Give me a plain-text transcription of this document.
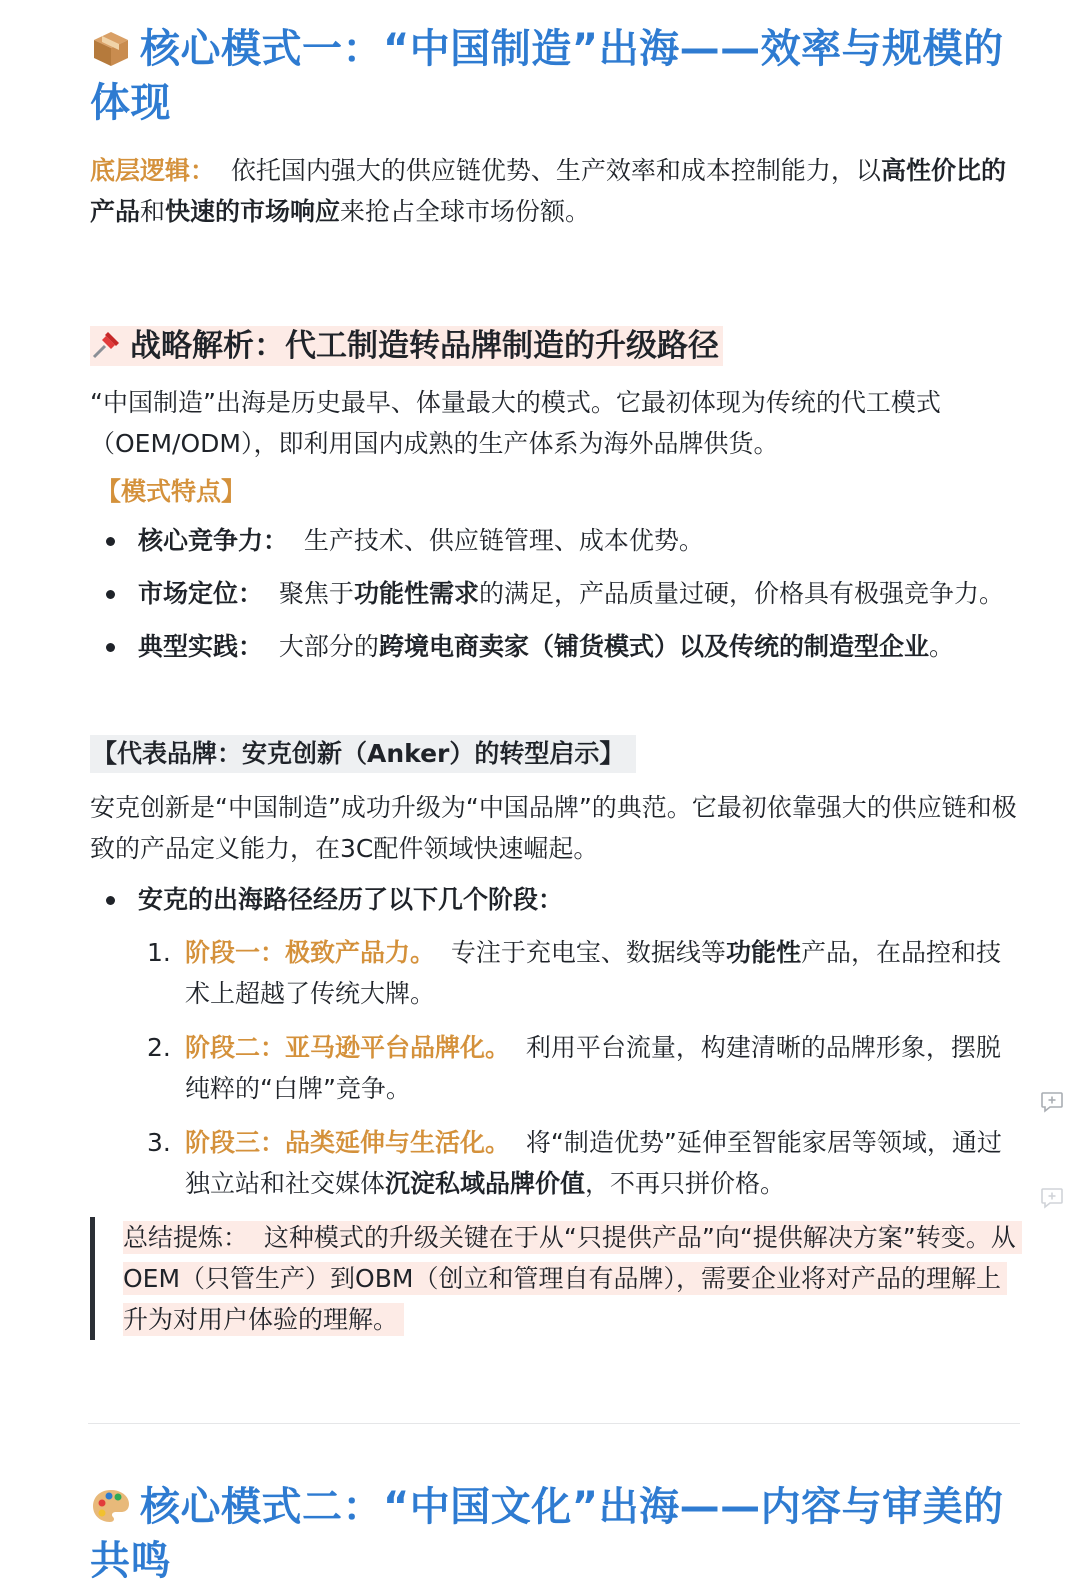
核心模式一：“中国制造”出海——效率与规模的体现

底层逻辑： 依托国内强大的供应链优势、生产效率和成本控制能力，以高性价比的产品和快速的市场响应来抢占全球市场份额。

战略解析：代工制造转品牌制造的升级路径

“中国制造”出海是历史最早、体量最大的模式。它最初体现为传统的代工模式（OEM/ODM），即利用国内成熟的生产体系为海外品牌供货。

【模式特点】
核心竞争力： 生产技术、供应链管理、成本优势。
市场定位： 聚焦于功能性需求的满足，产品质量过硬，价格具有极强竞争力。
典型实践： 大部分的跨境电商卖家（铺货模式）以及传统的制造型企业。
【代表品牌：安克创新（Anker）的转型启示】

安克创新是“中国制造”成功升级为“中国品牌”的典范。它最初依靠强大的供应链和极致的产品定义能力，在3C配件领域快速崛起。

安克的出海路径经历了以下几个阶段：
1. 阶段一：极致产品力。 专注于充电宝、数据线等功能性产品，在品控和技术上超越了传统大牌。
2. 阶段二：亚马逊平台品牌化。 利用平台流量，构建清晰的品牌形象，摆脱纯粹的“白牌”竞争。
3. 阶段三：品类延伸与生活化。 将“制造优势”延伸至智能家居等领域，通过独立站和社交媒体沉淀私域品牌价值，不再只拼价格。
总结提炼： 这种模式的升级关键在于从“只提供产品”向“提供解决方案”转变。从OEM（只管生产）到OBM（创立和管理自有品牌），需要企业将对产品的理解上升为对用户体验的理解。
核心模式二：“中国文化”出海——内容与审美的共鸣
